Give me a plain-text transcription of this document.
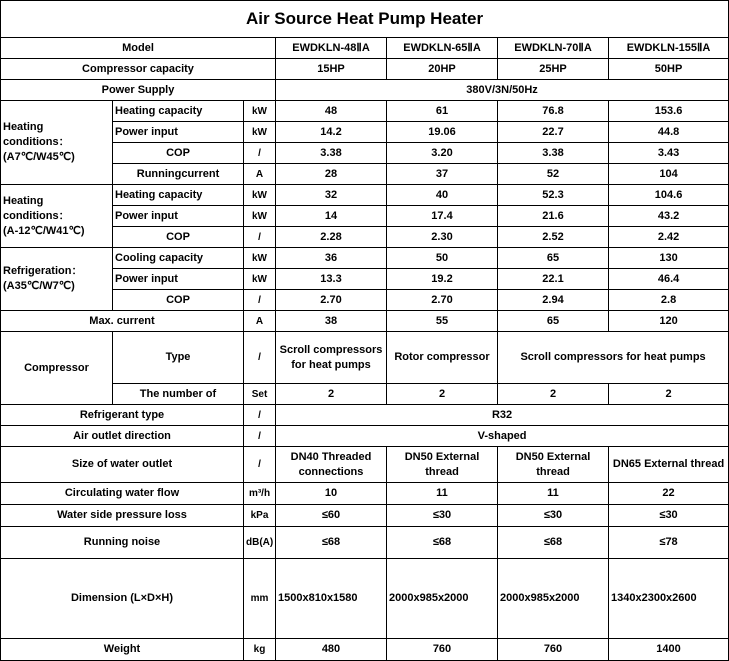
Air Source Heat Pump Heater						
Model			EWDKLN-48ⅡA	EWDKLN-65ⅡA	EWDKLN-70ⅡA	EWDKLN-155ⅡA
Compressor capacity			15HP	20HP	25HP	50HP
Power Supply			380V/3N/50Hz			
Heating conditions：
(A7℃/W45℃)	Heating capacity	kW	48	61	76.8	153.6
	Power input	kW	14.2	19.06	22.7	44.8
	COP	/	3.38	3.20	3.38	3.43
	Runningcurrent	A	28	37	52	104
Heating conditions：
(A-12℃/W41℃)	Heating capacity	kW	32	40	52.3	104.6
	Power input	kW	14	17.4	21.6	43.2
	COP	/	2.28	2.30	2.52	2.42
Refrigeration：
(A35℃/W7℃)	Cooling capacity	kW	36	50	65	130
	Power input	kW	13.3	19.2	22.1	46.4
	COP	/	2.70	2.70	2.94	2.8
Max. current		A	38	55	65	120
Compressor	Type	/	Scroll compressors for heat pumps	Rotor compressor	Scroll compressors for heat pumps	
	The number of	Set	2	2	2	2
Refrigerant type		/	R32			
Air outlet direction		/	V-shaped			
Size of water outlet		/	DN40 Threaded connections	DN50 External thread	DN50 External thread	DN65 External thread
Circulating water flow		m³/h	10	11	11	22
Water side pressure loss		kPa	≤60	≤30	≤30	≤30
Running noise		dB(A)	≤68	≤68	≤68	≤78
Dimension (L×D×H)		mm	1500x810x1580	2000x985x2000	2000x985x2000	1340x2300x2600
Weight		kg	480	760	760	1400
